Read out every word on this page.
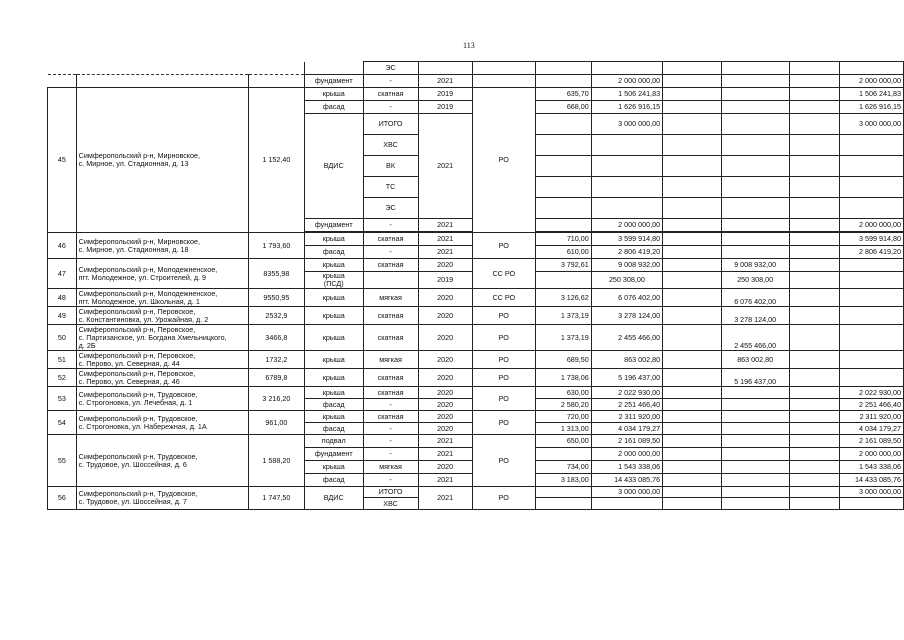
113
				ЭС								
			фундамент	-	2021			2 000 000,00				2 000 000,00
45	Симферопольский р-н, Мирновское,
с. Мирное, ул. Стадионная, д. 13	1 152,40	крыша	скатная	2019	РО	635,70	1 506 241,83				1 506 241,83
			фасад	-	2019		668,00	1 626 916,15				1 626 916,15
			ВДИС	ИТОГО	2021			3 000 000,00				3 000 000,00
				ХВС								
				ВК								
				ТС								
				ЭС								
			фундамент	-	2021			2 000 000,00				2 000 000,00

46	Симферопольский р-н, Мирновское,
с. Мирное, ул. Стадионная, д. 18	1 793,60	крыша	скатная	2021	РО	710,00	3 599 914,80				3 599 914,80
			фасад	-	2021		610,00	2 806 419,20				2 806 419,20
47	Симферопольский р-н, Молодежненское,
пгт. Молодежное, ул. Строителей, д. 9	8355,98	крыша	скатная	2020	СС РО	3 792,61	9 008 932,00		9 008 932,00		
			крыша
(ПСД)		2019			250 308,00		250 308,00		
48	Симферопольский р-н, Молодежненское,
пгт. Молодежное, ул. Школьная, д. 1	9550,95	крыша	мягкая	2020	СС РО	3 126,62	6 076 402,00		6 076 402,00		
49	Симферопольский р-н, Перовское,
с. Константиновка, ул. Урожайная, д. 2	2532,9	крыша	скатная	2020	РО	1 373,19	3 278 124,00		3 278 124,00		
50	Симферопольский р-н, Перовское,
с. Партизанское, ул. Богдана Хмельницкого,
д. 2Б	3466,8	крыша	скатная	2020	РО	1 373,19	2 455 466,00		2 455 466,00		
51	Симферопольский р-н, Перовское,
с. Перово, ул. Северная, д. 44	1732,2	крыша	мягкая	2020	РО	689,50	863 002,80		863 002,80		
52	Симферопольский р-н, Перовское,
с. Перово, ул. Северная, д. 46	6789,8	крыша	скатная	2020	РО	1 738,06	5 196 437,00		5 196 437,00		
53	Симферопольский р-н, Трудовское,
с. Строгоновка, ул. Лечебная, д. 1	3 216,20	крыша	скатная	2020	РО	630,00	2 022 930,00				2 022 930,00
			фасад	-	2020		2 580,20	2 251 466,40				2 251 466,40
54	Симферопольский р-н, Трудовское,
с. Строгоновка, ул. Набережная, д. 1А	961,00	крыша	скатная	2020	РО	720,00	2 311 920,00				2 311 920,00
			фасад	-	2020		1 313,00	4 034 179,27				4 034 179,27
55	Симферопольский р-н, Трудовское,
с. Трудовое, ул. Шоссейная, д. 6	1 588,20	подвал	-	2021	РО	650,00	2 161 089,50				2 161 089,50
			фундамент	-	2021			2 000 000,00				2 000 000,00
			крыша	мягкая	2020		734,00	1 543 338,06				1 543 338,06
			фасад	-	2021		3 183,00	14 433 085,76				14 433 085,76
56	Симферопольский р-н, Трудовское,
с. Трудовое, ул. Шоссейная, д. 7	1 747,50	ВДИС	ИТОГО	2021	РО		3 000 000,00				3 000 000,00
				ХВС								
